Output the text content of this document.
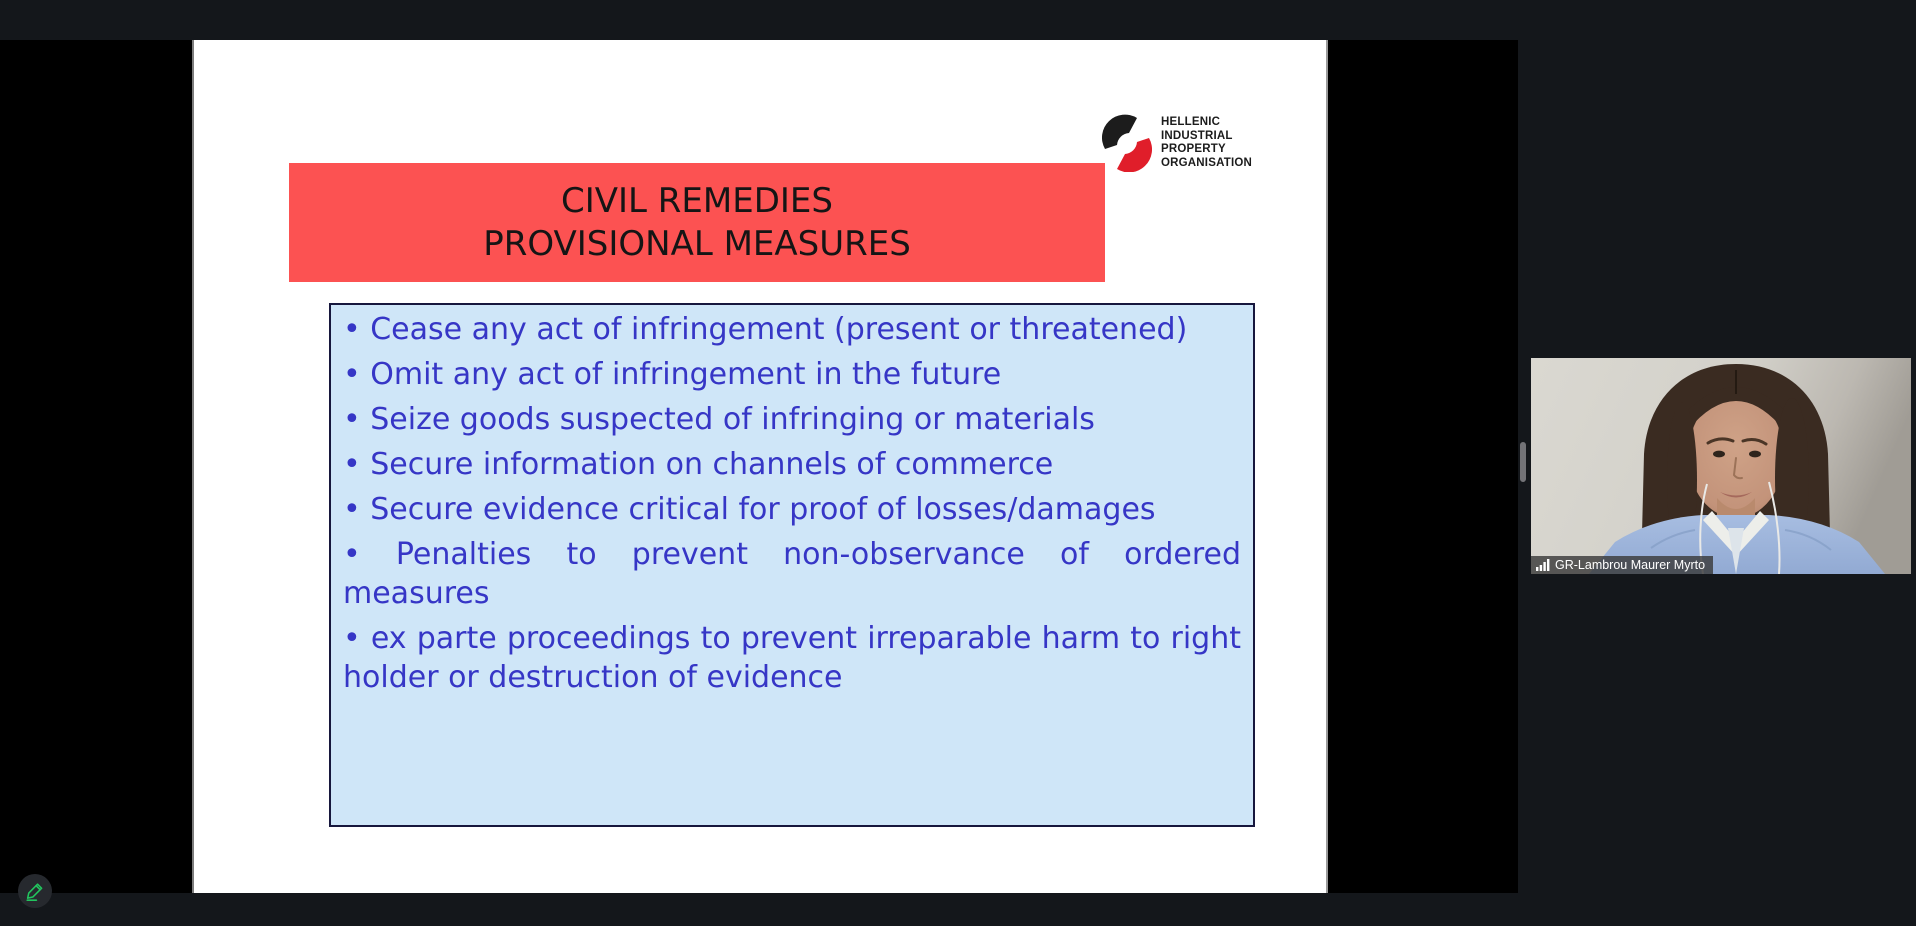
HELLENIC
INDUSTRIAL
PROPERTY
ORGANISATION
CIVIL REMEDIES
PROVISIONAL MEASURES

• Cease any act of infringement (present or threatened)

• Omit any act of infringement in the future

• Seize goods suspected of infringing or materials

• Secure information on channels of commerce

• Secure evidence critical for proof of losses/damages

• Penalties to prevent non-observance of ordered measures

• ex parte proceedings to prevent irreparable harm to right holder or destruction of evidence

GR-Lambrou Maurer Myrto
